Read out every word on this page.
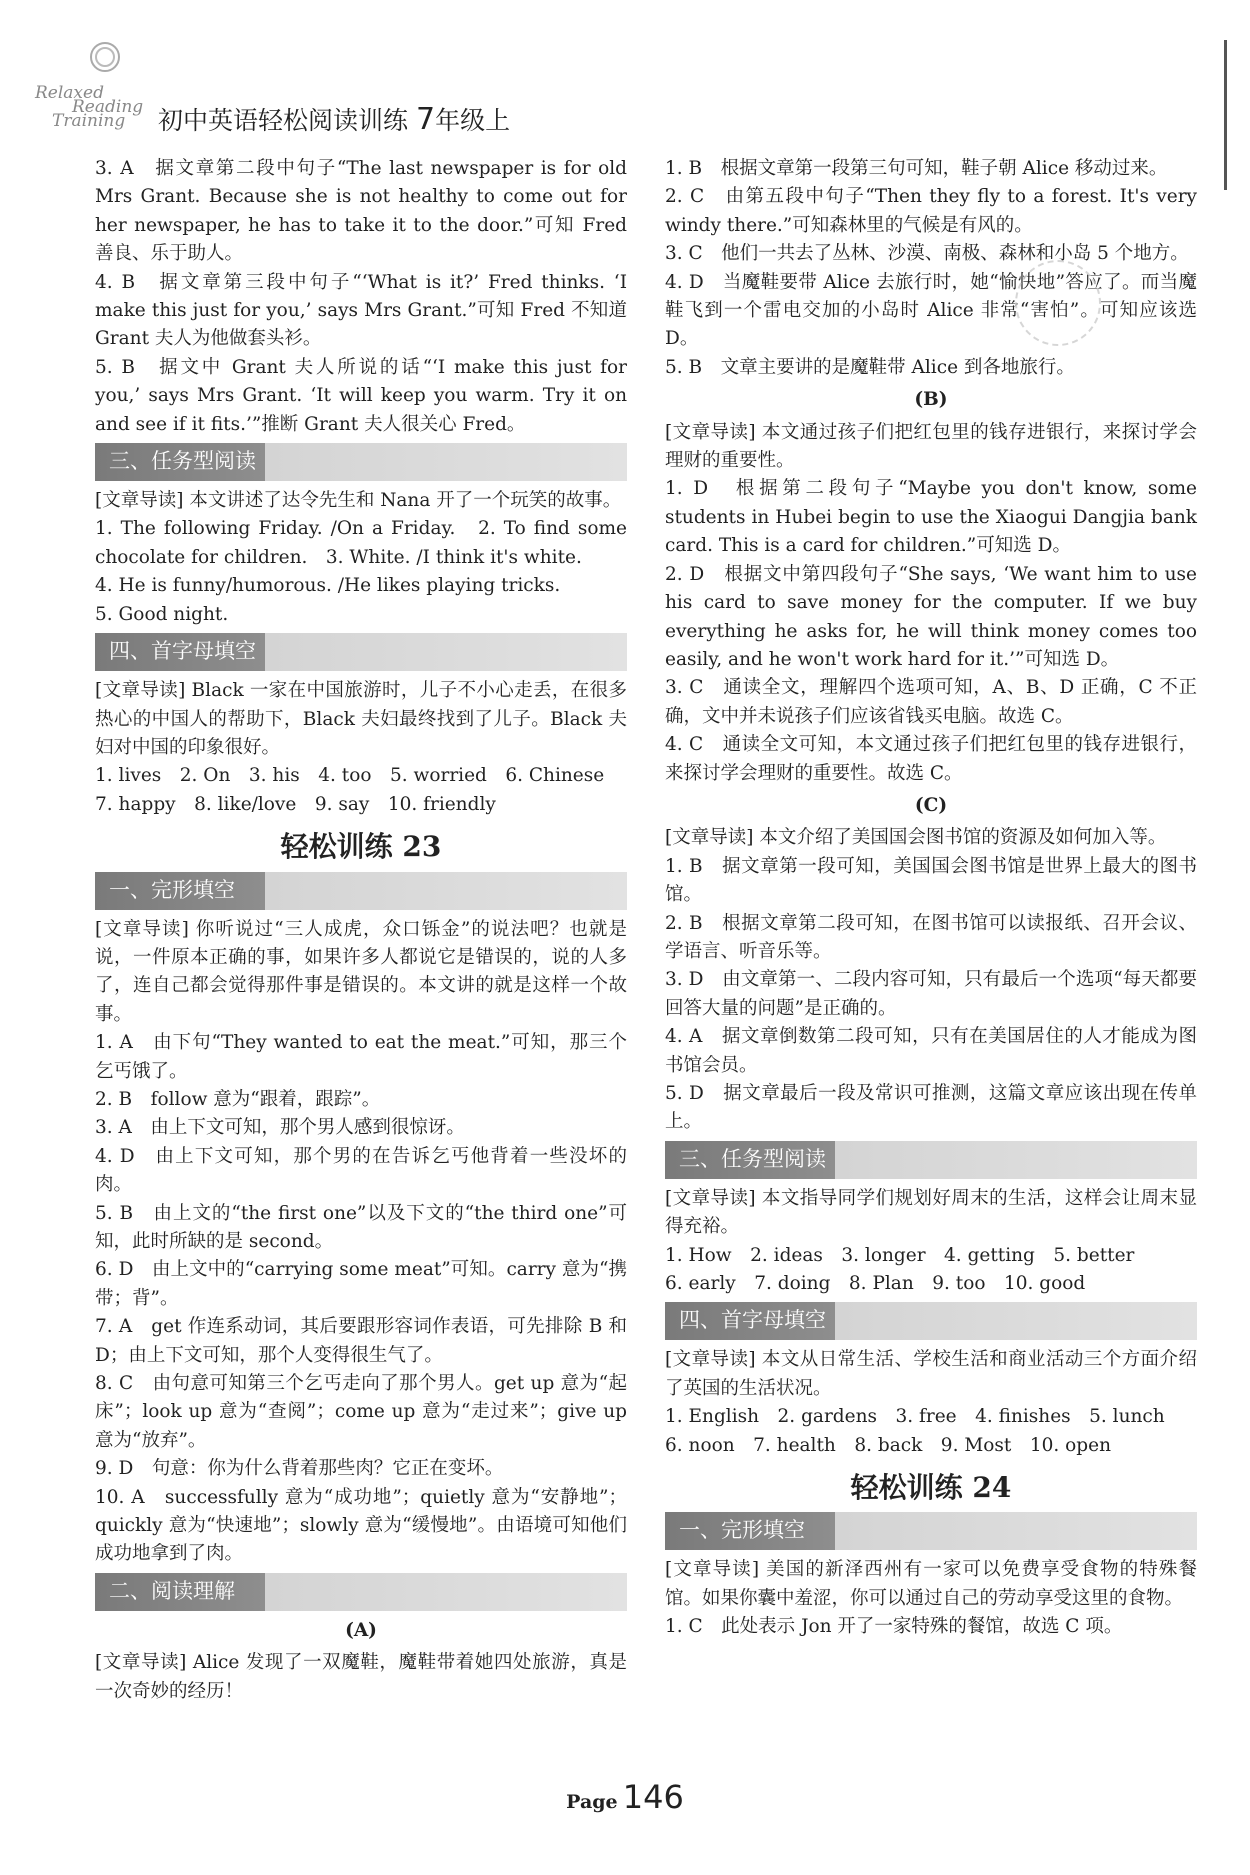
Relaxed
Reading
Training 初中英语轻松阅读训练 7年级上

3. A　据文章第二段中句子“The last newspaper is for old Mrs Grant. Because she is not healthy to come out for her newspaper, he has to take it to the door.”可知 Fred 善良、乐于助人。

4. B　据文章第三段中句子“‘What is it?’ Fred thinks. ‘I make this just for you,’ says Mrs Grant.”可知 Fred 不知道 Grant 夫人为他做套头衫。

5. B　据文中 Grant 夫人所说的话“‘I make this just for you,’ says Mrs Grant. ‘It will keep you warm. Try it on and see if it fits.’”推断 Grant 夫人很关心 Fred。

三、任务型阅读

[文章导读] 本文讲述了达令先生和 Nana 开了一个玩笑的故事。

1. The following Friday. /On a Friday.　2. To find some chocolate for children.　3. White. /I think it's white.

4. He is funny/humorous. /He likes playing tricks.

5. Good night.

四、首字母填空

[文章导读] Black 一家在中国旅游时，儿子不小心走丢，在很多热心的中国人的帮助下，Black 夫妇最终找到了儿子。Black 夫妇对中国的印象很好。

1. lives　2. On　3. his　4. too　5. worried　6. Chinese

7. happy　8. like/love　9. say　10. friendly

轻松训练 23
一、完形填空

[文章导读] 你听说过“三人成虎，众口铄金”的说法吧？也就是说，一件原本正确的事，如果许多人都说它是错误的，说的人多了，连自己都会觉得那件事是错误的。本文讲的就是这样一个故事。

1. A　由下句“They wanted to eat the meat.”可知，那三个乞丐饿了。

2. B　follow 意为“跟着，跟踪”。

3. A　由上下文可知，那个男人感到很惊讶。

4. D　由上下文可知，那个男的在告诉乞丐他背着一些没坏的肉。

5. B　由上文的“the first one”以及下文的“the third one”可知，此时所缺的是 second。

6. D　由上文中的“carrying some meat”可知。carry 意为“携带；背”。

7. A　get 作连系动词，其后要跟形容词作表语，可先排除 B 和 D；由上下文可知，那个人变得很生气了。

8. C　由句意可知第三个乞丐走向了那个男人。get up 意为“起床”；look up 意为“查阅”；come up 意为“走过来”；give up 意为“放弃”。

9. D　句意：你为什么背着那些肉？它正在变坏。

10. A　successfully 意为“成功地”；quietly 意为“安静地”；quickly 意为“快速地”；slowly 意为“缓慢地”。由语境可知他们成功地拿到了肉。

二、阅读理解
(A)

[文章导读] Alice 发现了一双魔鞋，魔鞋带着她四处旅游，真是一次奇妙的经历！

1. B　根据文章第一段第三句可知，鞋子朝 Alice 移动过来。

2. C　由第五段中句子“Then they fly to a forest. It's very windy there.”可知森林里的气候是有风的。

3. C　他们一共去了丛林、沙漠、南极、森林和小岛 5 个地方。

4. D　当魔鞋要带 Alice 去旅行时，她“愉快地”答应了。而当魔鞋飞到一个雷电交加的小岛时 Alice 非常“害怕”。可知应该选 D。

5. B　文章主要讲的是魔鞋带 Alice 到各地旅行。

(B)

[文章导读] 本文通过孩子们把红包里的钱存进银行，来探讨学会理财的重要性。

1. D　根据第二段句子“Maybe you don't know, some students in Hubei begin to use the Xiaogui Dangjia bank card. This is a card for children.”可知选 D。

2. D　根据文中第四段句子“She says, ‘We want him to use his card to save money for the computer. If we buy everything he asks for, he will think money comes too easily, and he won't work hard for it.’”可知选 D。

3. C　通读全文，理解四个选项可知，A、B、D 正确，C 不正确，文中并未说孩子们应该省钱买电脑。故选 C。

4. C　通读全文可知，本文通过孩子们把红包里的钱存进银行，来探讨学会理财的重要性。故选 C。

(C)

[文章导读] 本文介绍了美国国会图书馆的资源及如何加入等。

1. B　据文章第一段可知，美国国会图书馆是世界上最大的图书馆。

2. B　根据文章第二段可知，在图书馆可以读报纸、召开会议、学语言、听音乐等。

3. D　由文章第一、二段内容可知，只有最后一个选项“每天都要回答大量的问题”是正确的。

4. A　据文章倒数第二段可知，只有在美国居住的人才能成为图书馆会员。

5. D　据文章最后一段及常识可推测，这篇文章应该出现在传单上。

三、任务型阅读

[文章导读] 本文指导同学们规划好周末的生活，这样会让周末显得充裕。

1. How　2. ideas　3. longer　4. getting　5. better

6. early　7. doing　8. Plan　9. too　10. good

四、首字母填空

[文章导读] 本文从日常生活、学校生活和商业活动三个方面介绍了英国的生活状况。

1. English　2. gardens　3. free　4. finishes　5. lunch

6. noon　7. health　8. back　9. Most　10. open

轻松训练 24
一、完形填空

[文章导读] 美国的新泽西州有一家可以免费享受食物的特殊餐馆。如果你囊中羞涩，你可以通过自己的劳动享受这里的食物。

1. C　此处表示 Jon 开了一家特殊的餐馆，故选 C 项。

Page 146
